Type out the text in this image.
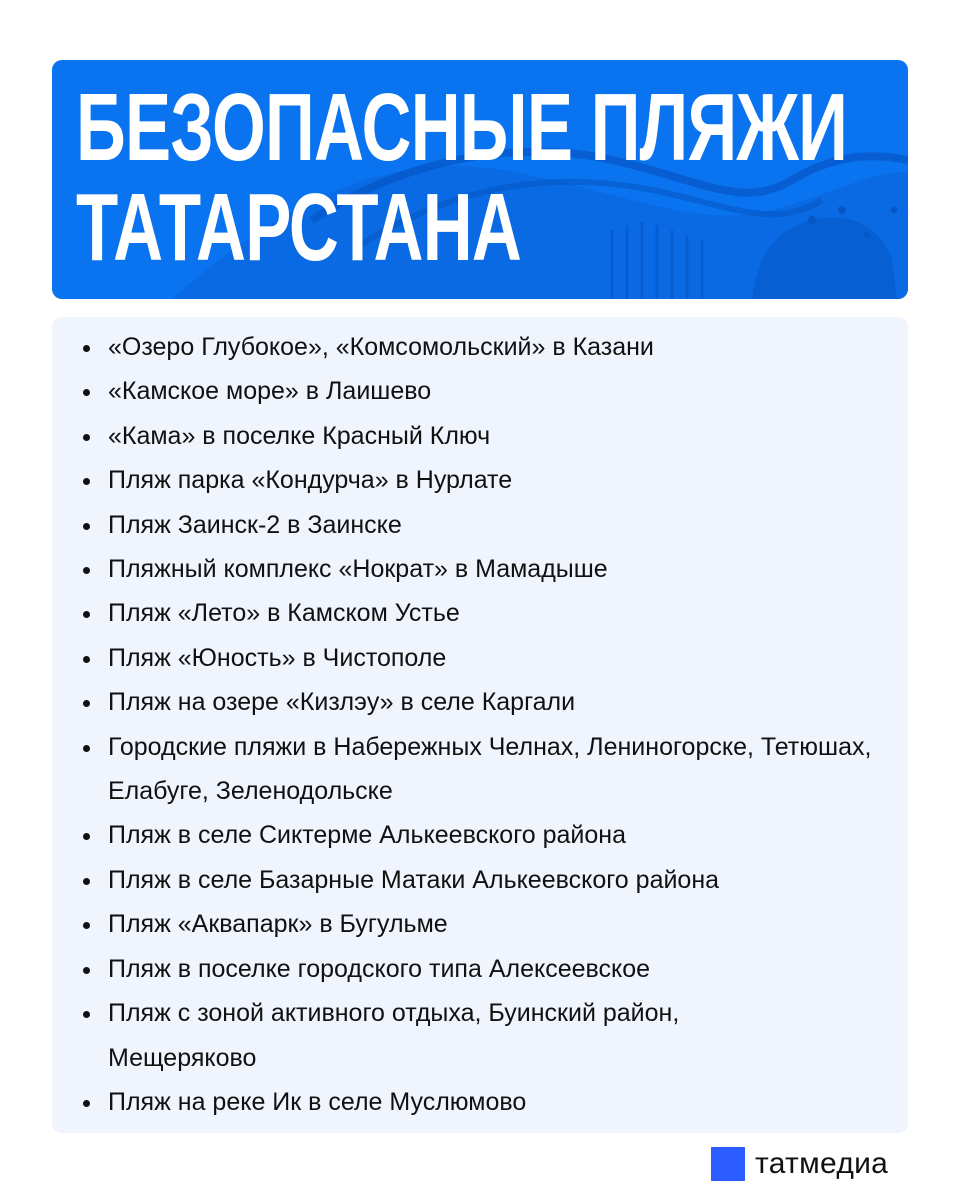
БЕЗОПАСНЫЕ ПЛЯЖИ
ТАТАРСТАНА
«Озеро Глубокое», «Комсомольский» в Казани
«Камское море» в Лаишево
«Кама» в поселке Красный Ключ
Пляж парка «Кондурча» в Нурлате
Пляж Заинск-2 в Заинске
Пляжный комплекс «Нократ» в Мамадыше
Пляж «Лето» в Камском Устье
Пляж «Юность» в Чистополе
Пляж на озере «Кизлэу» в селе Каргали
Городские пляжи в Набережных Челнах, Лениногорске, Тетюшах, Елабуге, Зеленодольске
Пляж в селе Сиктерме Алькеевского района
Пляж в селе Базарные Матаки Алькеевского района
Пляж «Аквапарк» в Бугульме
Пляж в поселке городского типа Алексеевское
Пляж с зоной активного отдыха, Буинский район, Мещеряково
Пляж на реке Ик в селе Муслюмово
татмедиа
